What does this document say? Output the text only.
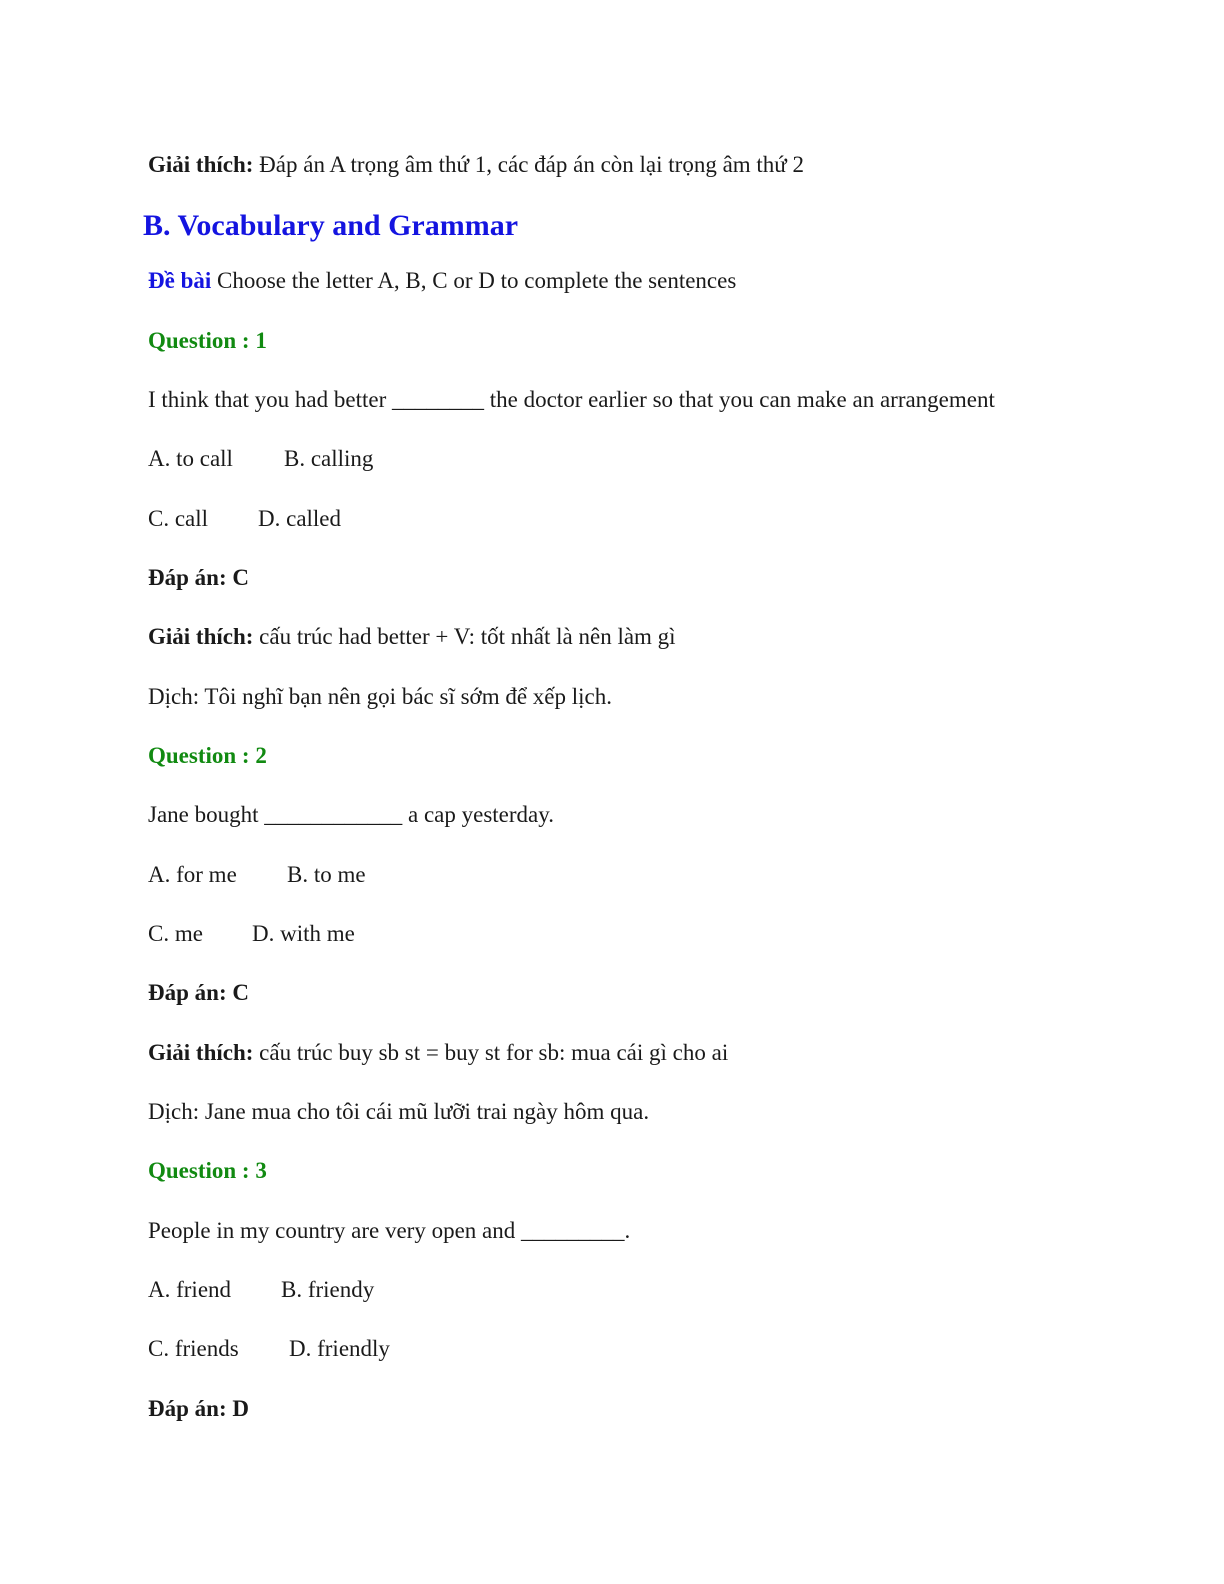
Giải thích: Đáp án A trọng âm thứ 1, các đáp án còn lại trọng âm thứ 2
B. Vocabulary and Grammar
Đề bài Choose the letter A, B, C or D to complete the sentences
Question : 1
I think that you had better ________ the doctor earlier so that you can make an arrangement
A. to call B. calling
C. call D. called
Đáp án: C
Giải thích: cấu trúc had better + V: tốt nhất là nên làm gì
Dịch: Tôi nghĩ bạn nên gọi bác sĩ sớm để xếp lịch.
Question : 2
Jane bought ____________ a cap yesterday.
A. for me B. to me
C. me D. with me
Đáp án: C
Giải thích: cấu trúc buy sb st = buy st for sb: mua cái gì cho ai
Dịch: Jane mua cho tôi cái mũ lưỡi trai ngày hôm qua.
Question : 3
People in my country are very open and _________.
A. friend B. friendy
C. friends D. friendly
Đáp án: D
